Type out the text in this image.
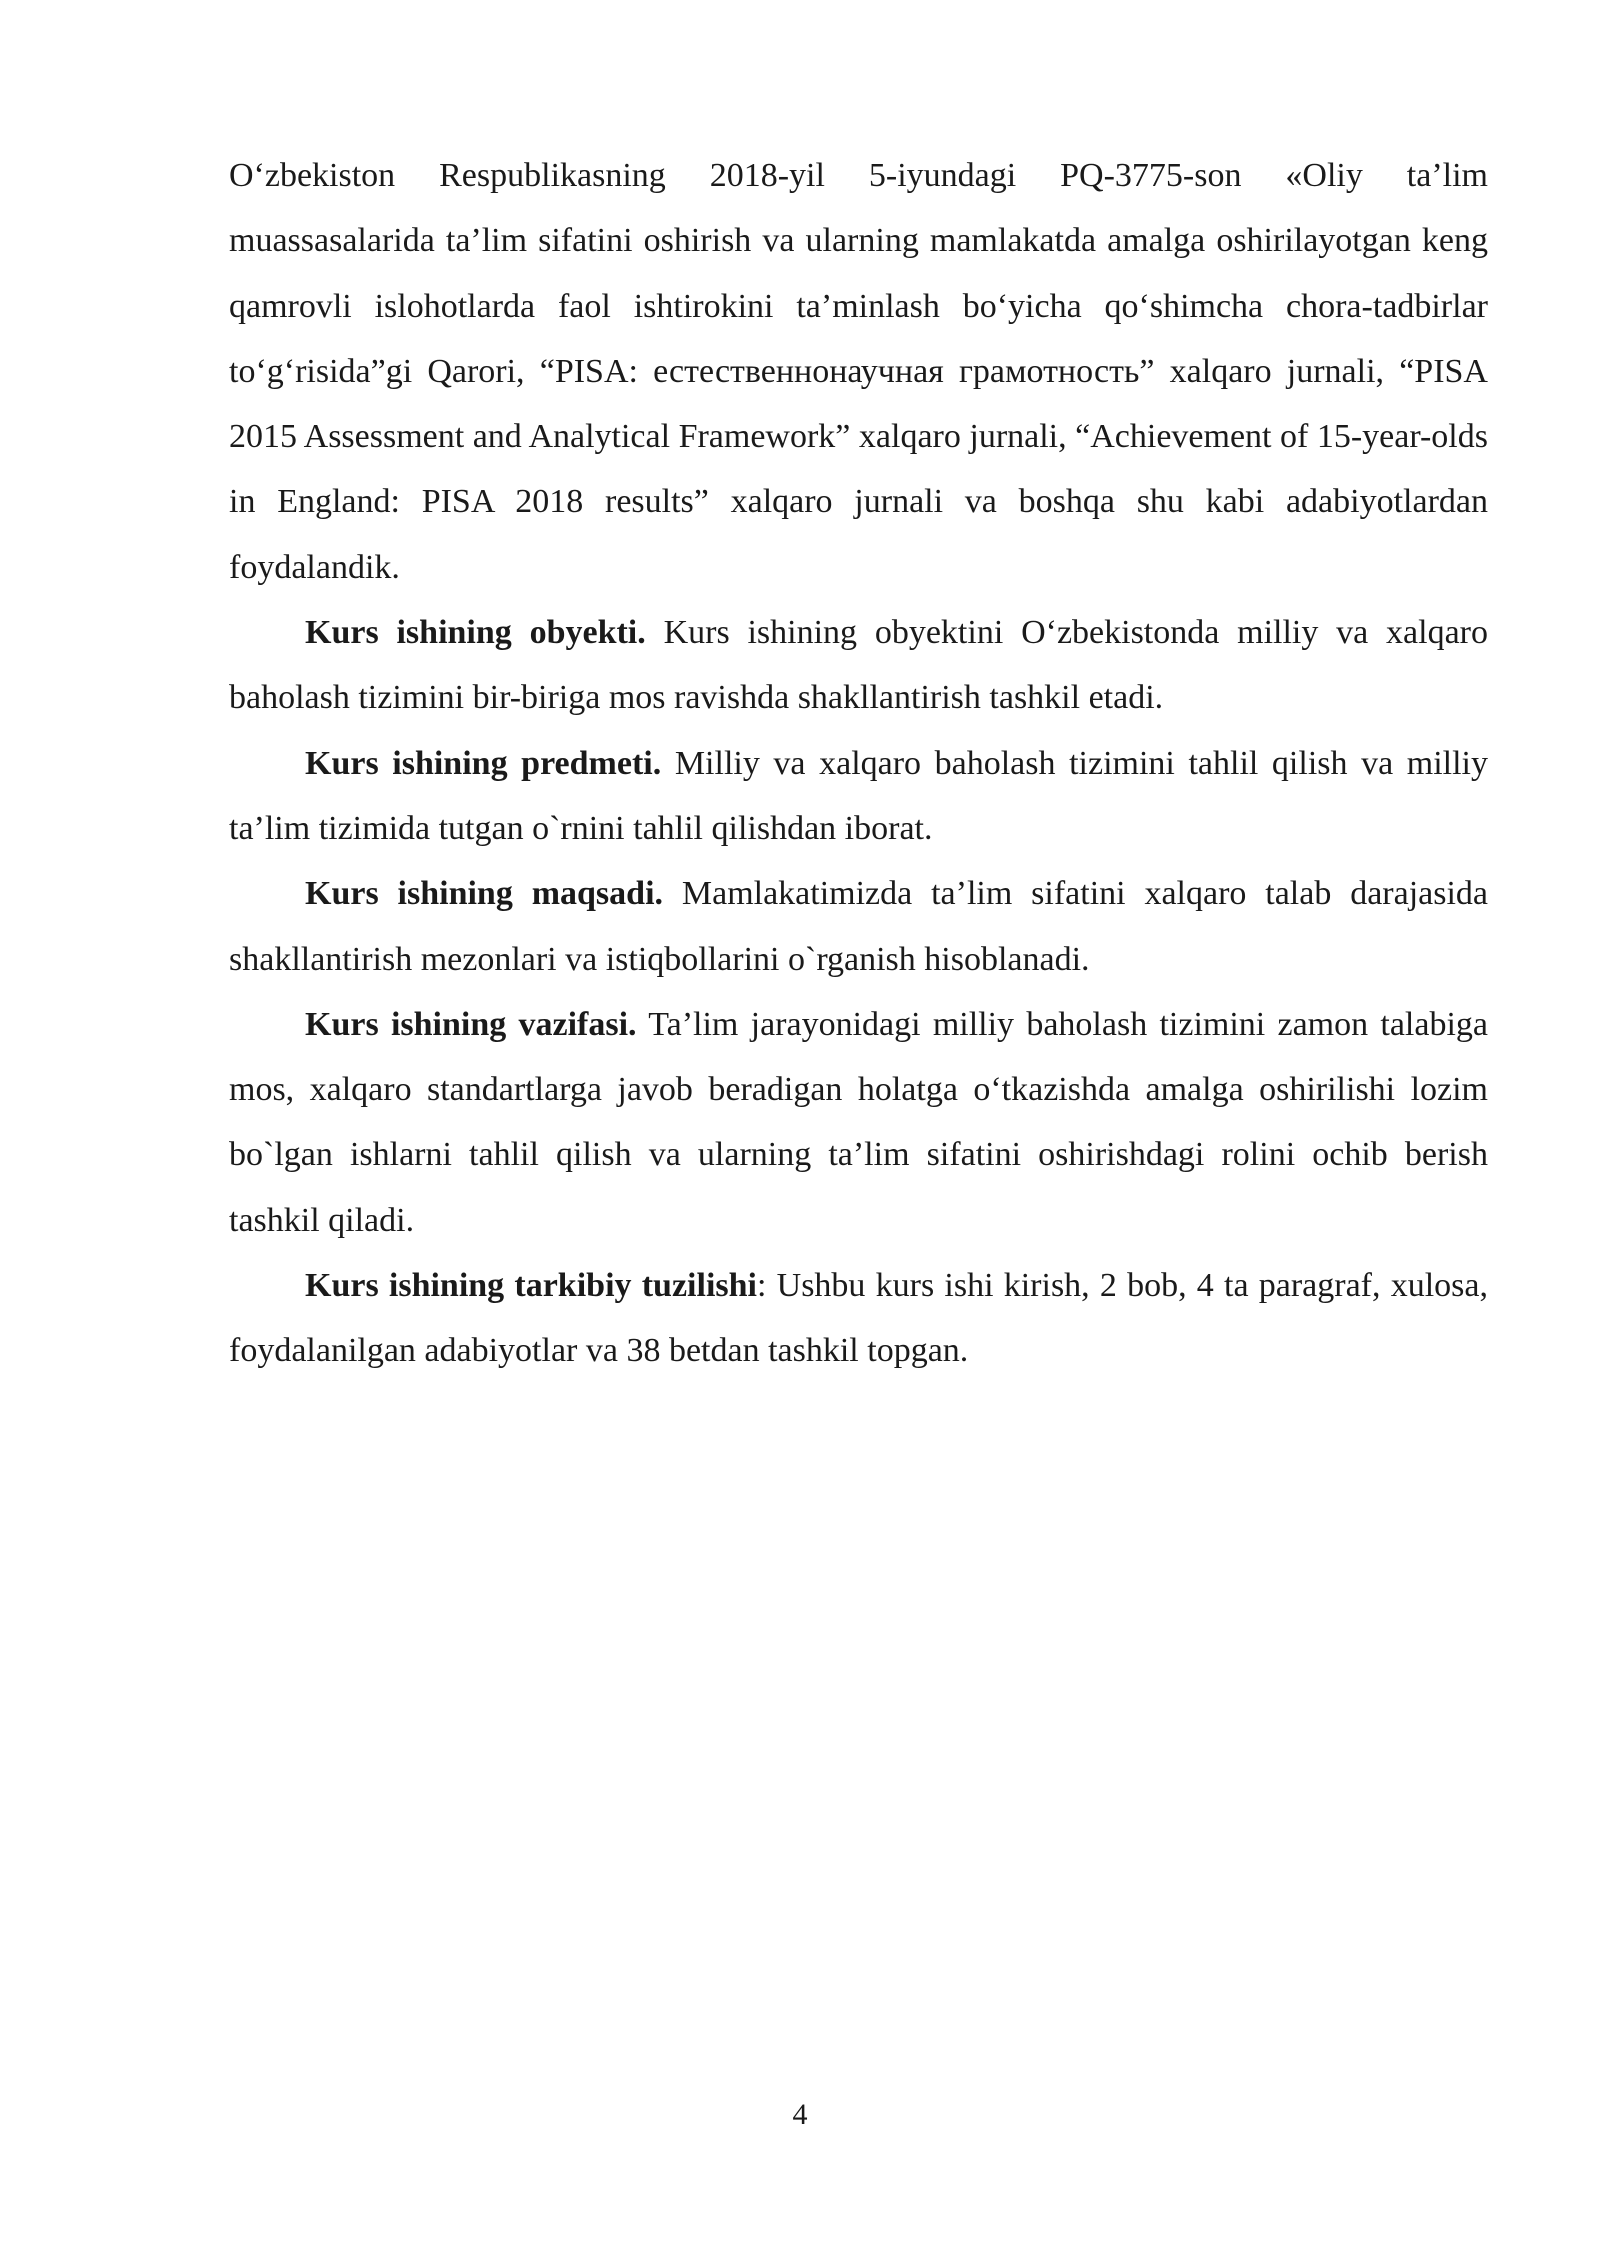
O‘zbekiston Respublikasning 2018-yil 5-iyundagi PQ-3775-son «Oliy ta’lim muassasalarida ta’lim sifatini oshirish va ularning mamlakatda amalga oshirilayotgan keng qamrovli islohotlarda faol ishtirokini ta’minlash bo‘yicha qo‘shimcha chora-tadbirlar to‘g‘risida”gi Qarori, “PISA: естественнонаучная грамотность” xalqaro jurnali, “PISA 2015 Assessment and Analytical Framework” xalqaro jurnali, “Achievement of 15-year-olds in England: PISA 2018 results” xalqaro jurnali va boshqa shu kabi adabiyotlardan foydalandik.

Kurs ishining obyekti. Kurs ishining obyektini O‘zbekistonda milliy va xalqaro baholash tizimini bir-biriga mos ravishda shakllantirish tashkil etadi.

Kurs ishining predmeti. Milliy va xalqaro baholash tizimini tahlil qilish va milliy ta’lim tizimida tutgan o`rnini tahlil qilishdan iborat.

Kurs ishining maqsadi. Mamlakatimizda ta’lim sifatini xalqaro talab darajasida shakllantirish mezonlari va istiqbollarini o`rganish hisoblanadi.

Kurs ishining vazifasi. Ta’lim jarayonidagi milliy baholash tizimini zamon talabiga mos, xalqaro standartlarga javob beradigan holatga o‘tkazishda amalga oshirilishi lozim bo`lgan ishlarni tahlil qilish va ularning ta’lim sifatini oshirishdagi rolini ochib berish tashkil qiladi.

Kurs ishining tarkibiy tuzilishi: Ushbu kurs ishi kirish, 2 bob, 4 ta paragraf, xulosa, foydalanilgan adabiyotlar va 38 betdan tashkil topgan.

4
